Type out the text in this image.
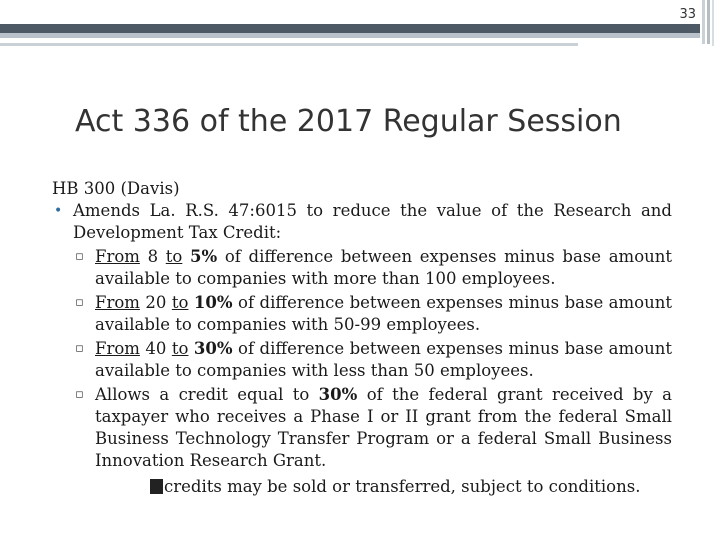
33
Act 336 of the 2017 Regular Session

HB 300 (Davis)

• Amends La. R.S. 47:6015 to reduce the value of the Research and Development Tax Credit:
▫ From 8 to 5% of difference between expenses minus base amount available to companies with more than 100 employees.
▫ From 20 to 10% of difference between expenses minus base amount available to companies with 50-99 employees.
▫ From 40 to 30% of difference between expenses minus base amount available to companies with less than 50 employees.
▫ Allows a credit equal to 30% of the federal grant received by a taxpayer who receives a Phase I or II grant from the federal Small Business Technology Transfer Program or a federal Small Business Innovation Research Grant.

credits may be sold or transferred, subject to conditions.
